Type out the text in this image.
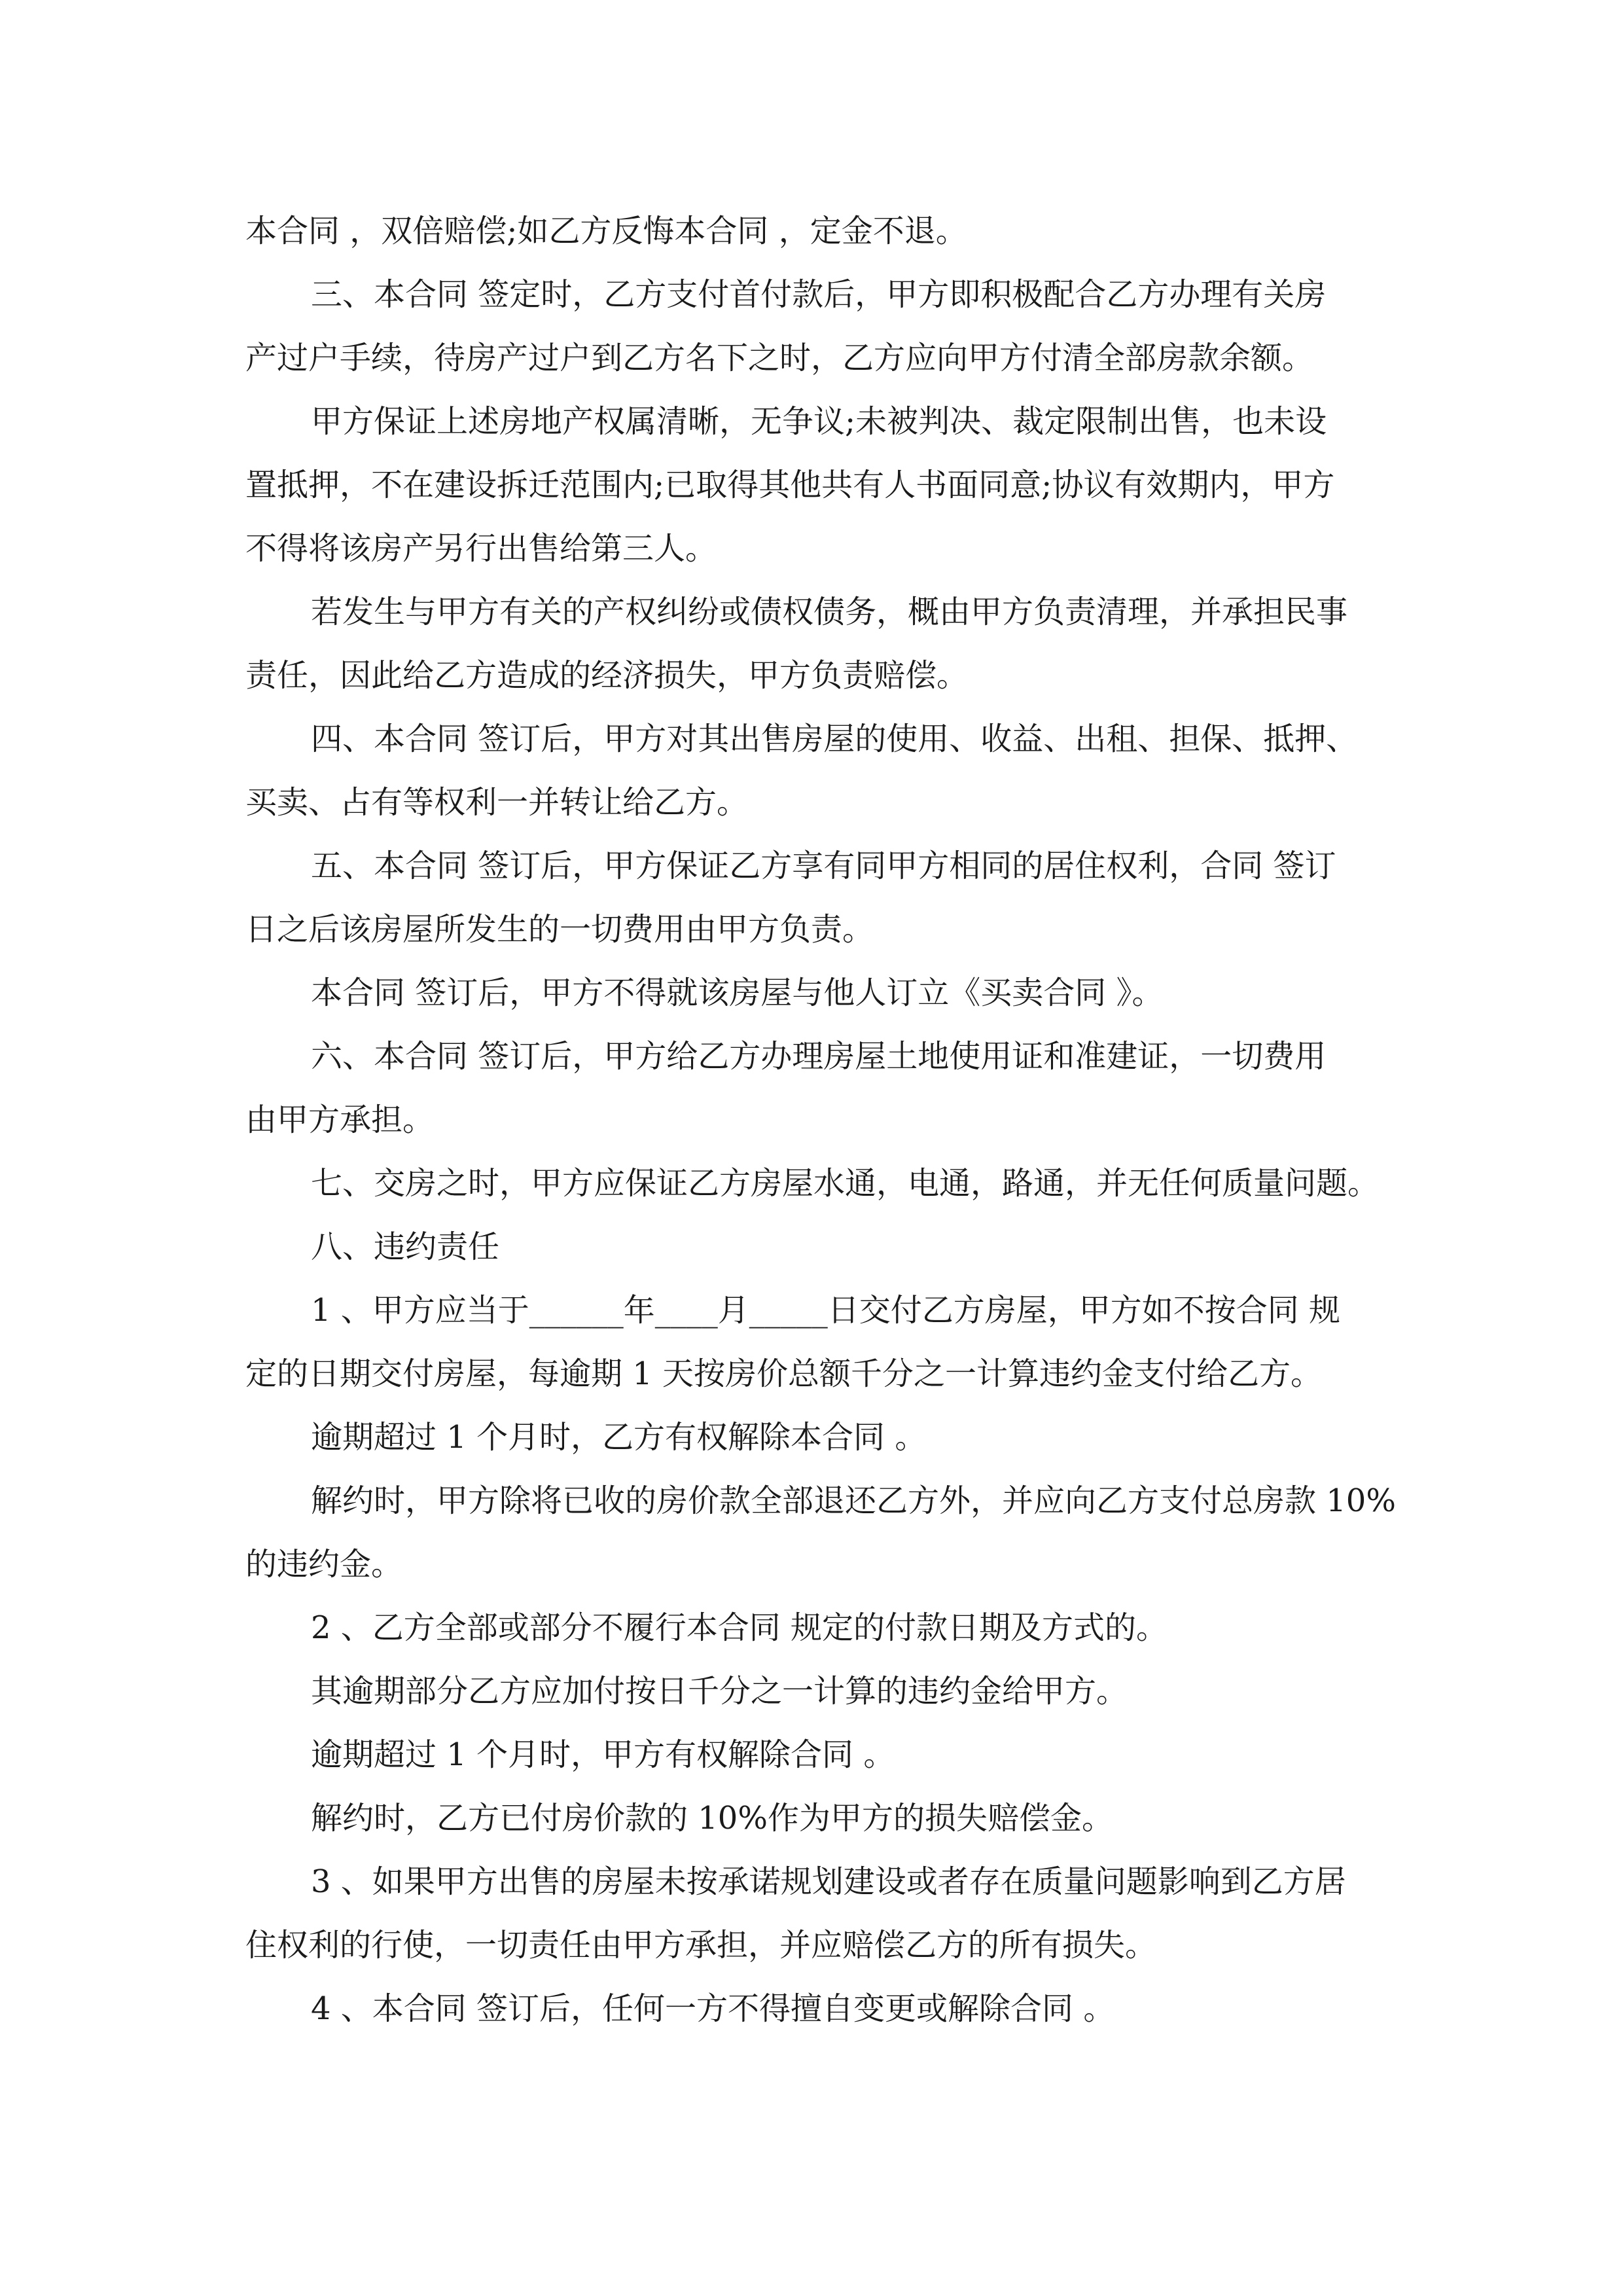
本合同 ，双倍赔偿;如乙方反悔本合同 ，定金不退。
三、本合同 签定时，乙方支付首付款后，甲方即积极配合乙方办理有关房
产过户手续，待房产过户到乙方名下之时，乙方应向甲方付清全部房款余额。
甲方保证上述房地产权属清晰，无争议;未被判决、裁定限制出售，也未设
置抵押，不在建设拆迁范围内;已取得其他共有人书面同意;协议有效期内，甲方
不得将该房产另行出售给第三人。
若发生与甲方有关的产权纠纷或债权债务，概由甲方负责清理，并承担民事
责任，因此给乙方造成的经济损失，甲方负责赔偿。
四、本合同 签订后，甲方对其出售房屋的使用、收益、出租、担保、抵押、
买卖、占有等权利一并转让给乙方。
五、本合同 签订后，甲方保证乙方享有同甲方相同的居住权利，合同 签订
日之后该房屋所发生的一切费用由甲方负责。
本合同 签订后，甲方不得就该房屋与他人订立《买卖合同 》。
六、本合同 签订后，甲方给乙方办理房屋土地使用证和准建证，一切费用
由甲方承担。
七、交房之时，甲方应保证乙方房屋水通，电通，路通，并无任何质量问题。
八、违约责任
1 、甲方应当于______年____月_____日交付乙方房屋，甲方如不按合同 规
定的日期交付房屋，每逾期 1 天按房价总额千分之一计算违约金支付给乙方。
逾期超过 1 个月时，乙方有权解除本合同 。
解约时，甲方除将已收的房价款全部退还乙方外，并应向乙方支付总房款 10%
的违约金。
2 、乙方全部或部分不履行本合同 规定的付款日期及方式的。
其逾期部分乙方应加付按日千分之一计算的违约金给甲方。
逾期超过 1 个月时，甲方有权解除合同 。
解约时，乙方已付房价款的 10%作为甲方的损失赔偿金。
3 、如果甲方出售的房屋未按承诺规划建设或者存在质量问题影响到乙方居
住权利的行使，一切责任由甲方承担，并应赔偿乙方的所有损失。
4 、本合同 签订后，任何一方不得擅自变更或解除合同 。
